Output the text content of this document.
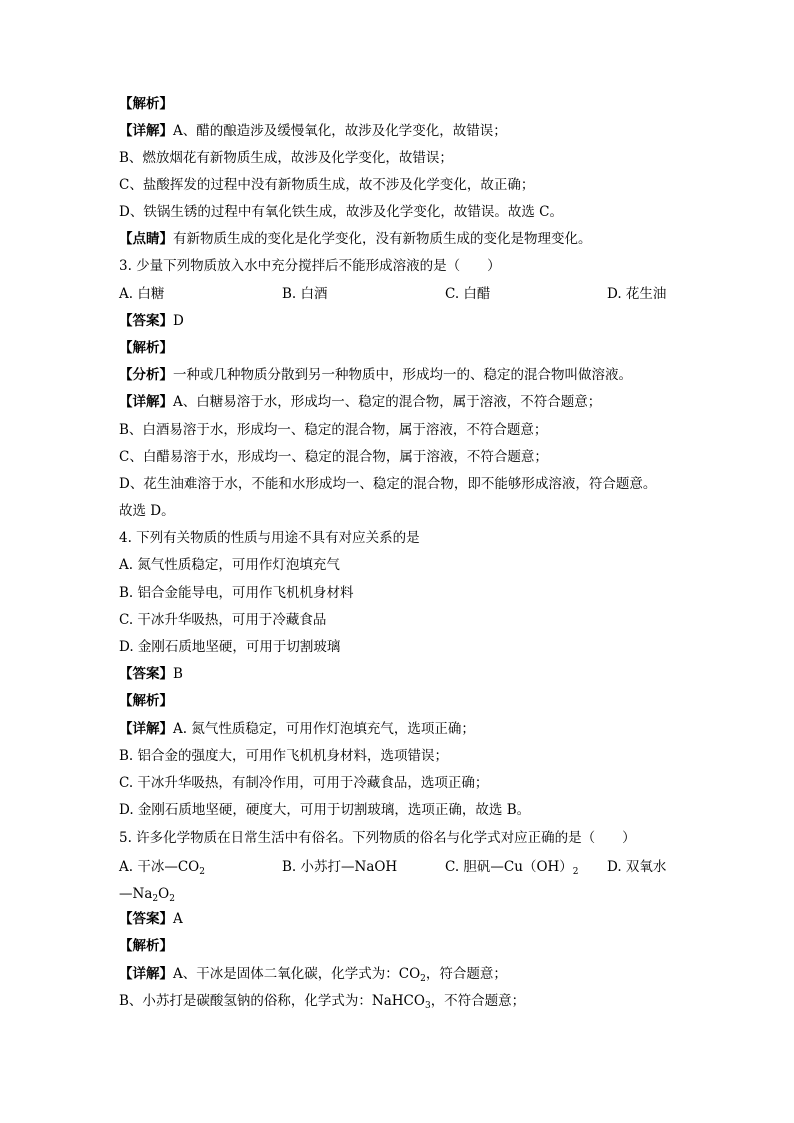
【解析】
【详解】A、醋的酿造涉及缓慢氧化，故涉及化学变化，故错误；
B、燃放烟花有新物质生成，故涉及化学变化，故错误；
C、盐酸挥发的过程中没有新物质生成，故不涉及化学变化，故正确；
D、铁锅生锈的过程中有氧化铁生成，故涉及化学变化，故错误。故选 C。
【点睛】有新物质生成的变化是化学变化，没有新物质生成的变化是物理变化。
3. 少量下列物质放入水中充分搅拌后不能形成溶液的是（　　）
A. 白糖	B. 白酒	C. 白醋	D. 花生油
【答案】D
【解析】
【分析】一种或几种物质分散到另一种物质中，形成均一的、稳定的混合物叫做溶液。
【详解】A、白糖易溶于水，形成均一、稳定的混合物，属于溶液，不符合题意；
B、白酒易溶于水，形成均一、稳定的混合物，属于溶液，不符合题意；
C、白醋易溶于水，形成均一、稳定的混合物，属于溶液，不符合题意；
D、花生油难溶于水，不能和水形成均一、稳定的混合物，即不能够形成溶液，符合题意。
故选 D。
4. 下列有关物质的性质与用途不具有对应关系的是
A. 氮气性质稳定，可用作灯泡填充气
B. 铝合金能导电，可用作飞机机身材料
C. 干冰升华吸热，可用于冷藏食品
D. 金刚石质地坚硬，可用于切割玻璃
【答案】B
【解析】
【详解】A. 氮气性质稳定，可用作灯泡填充气，选项正确；
B. 铝合金的强度大，可用作飞机机身材料，选项错误；
C. 干冰升华吸热，有制冷作用，可用于冷藏食品，选项正确；
D. 金刚石质地坚硬，硬度大，可用于切割玻璃，选项正确，故选 B。
5. 许多化学物质在日常生活中有俗名。下列物质的俗名与化学式对应正确的是（　　）
A. 干冰$—CO_2$	B. 小苏打—NaOH	C. 胆矾$—Cu(OH)_2$ D. 双氧水
$—Na_2O_2$
【答案】A
【解析】
【详解】A、干冰是固体二氧化碳，化学式为：$CO_2$，符合题意；
B、小苏打是碳酸氢钠的俗称，化学式为：NaHCO$_3$，不符合题意；
